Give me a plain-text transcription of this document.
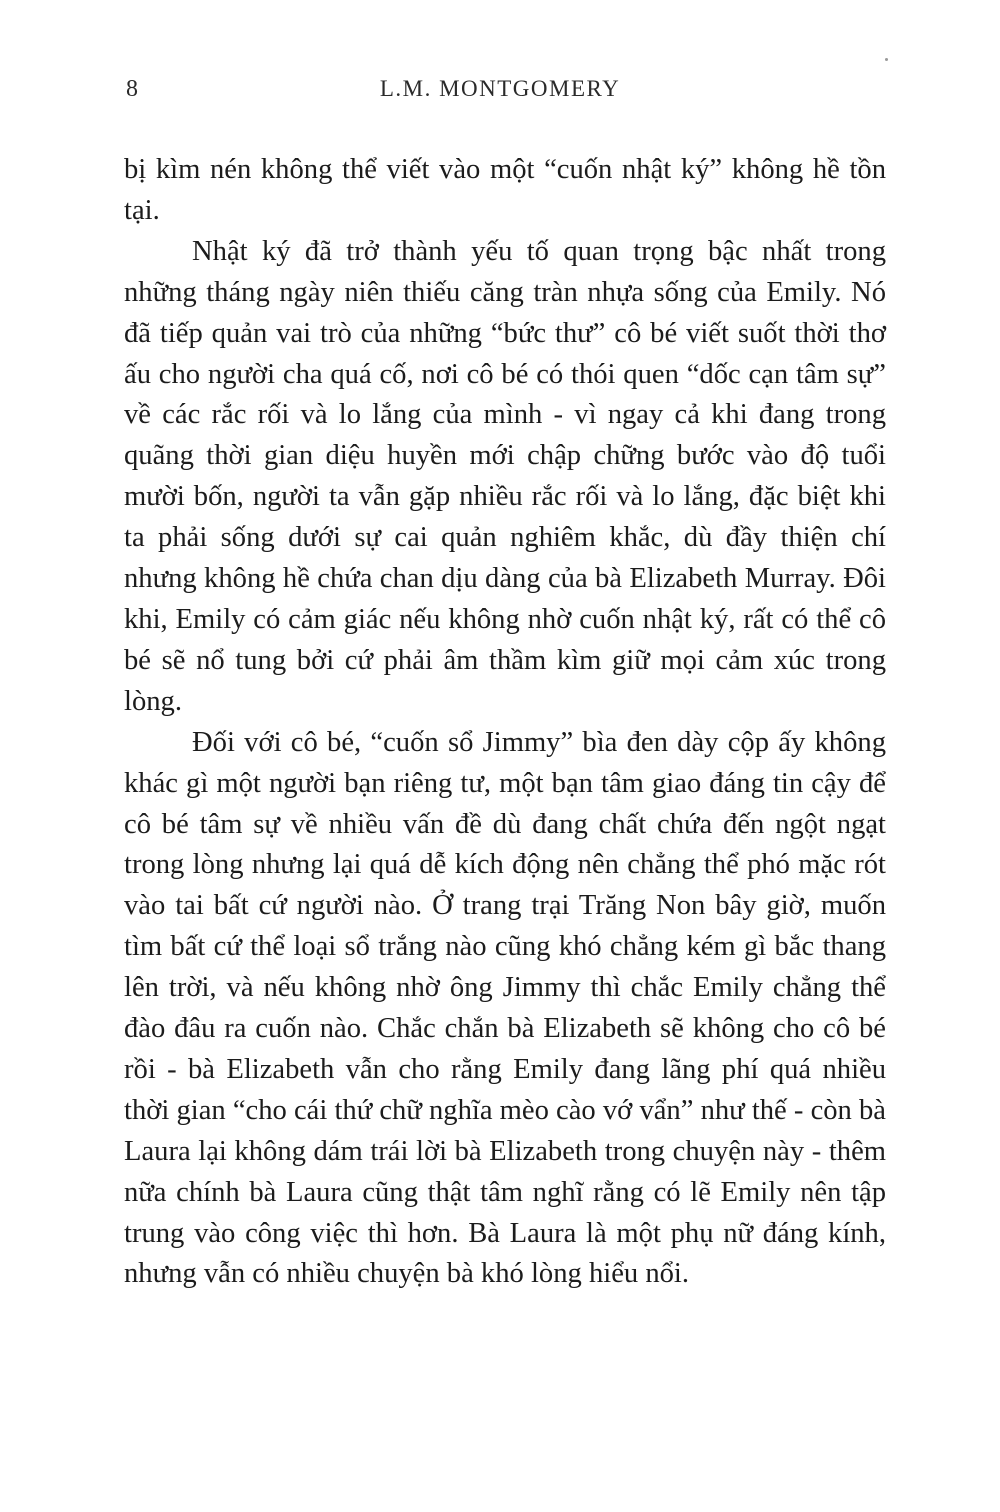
8	L.M. MONTGOMERY

bị kìm nén không thể viết vào một “cuốn nhật ký” không hề tồn tại.

Nhật ký đã trở thành yếu tố quan trọng bậc nhất trong những tháng ngày niên thiếu căng tràn nhựa sống của Emily. Nó đã tiếp quản vai trò của những “bức thư” cô bé viết suốt thời thơ ấu cho người cha quá cố, nơi cô bé có thói quen “dốc cạn tâm sự” về các rắc rối và lo lắng của mình - vì ngay cả khi đang trong quãng thời gian diệu huyền mới chập chững bước vào độ tuổi mười bốn, người ta vẫn gặp nhiều rắc rối và lo lắng, đặc biệt khi ta phải sống dưới sự cai quản nghiêm khắc, dù đầy thiện chí nhưng không hề chứa chan dịu dàng của bà Elizabeth Murray. Đôi khi, Emily có cảm giác nếu không nhờ cuốn nhật ký, rất có thể cô bé sẽ nổ tung bởi cứ phải âm thầm kìm giữ mọi cảm xúc trong lòng.

Đối với cô bé, “cuốn sổ Jimmy” bìa đen dày cộp ấy không khác gì một người bạn riêng tư, một bạn tâm giao đáng tin cậy để cô bé tâm sự về nhiều vấn đề dù đang chất chứa đến ngột ngạt trong lòng nhưng lại quá dễ kích động nên chẳng thể phó mặc rót vào tai bất cứ người nào. Ở trang trại Trăng Non bây giờ, muốn tìm bất cứ thể loại sổ trắng nào cũng khó chẳng kém gì bắc thang lên trời, và nếu không nhờ ông Jimmy thì chắc Emily chẳng thể đào đâu ra cuốn nào. Chắc chắn bà Elizabeth sẽ không cho cô bé rồi - bà Elizabeth vẫn cho rằng Emily đang lãng phí quá nhiều thời gian “cho cái thứ chữ nghĩa mèo cào vớ vẩn” như thế - còn bà Laura lại không dám trái lời bà Elizabeth trong chuyện này - thêm nữa chính bà Laura cũng thật tâm nghĩ rằng có lẽ Emily nên tập trung vào công việc thì hơn. Bà Laura là một phụ nữ đáng kính, nhưng vẫn có nhiều chuyện bà khó lòng hiểu nổi.
